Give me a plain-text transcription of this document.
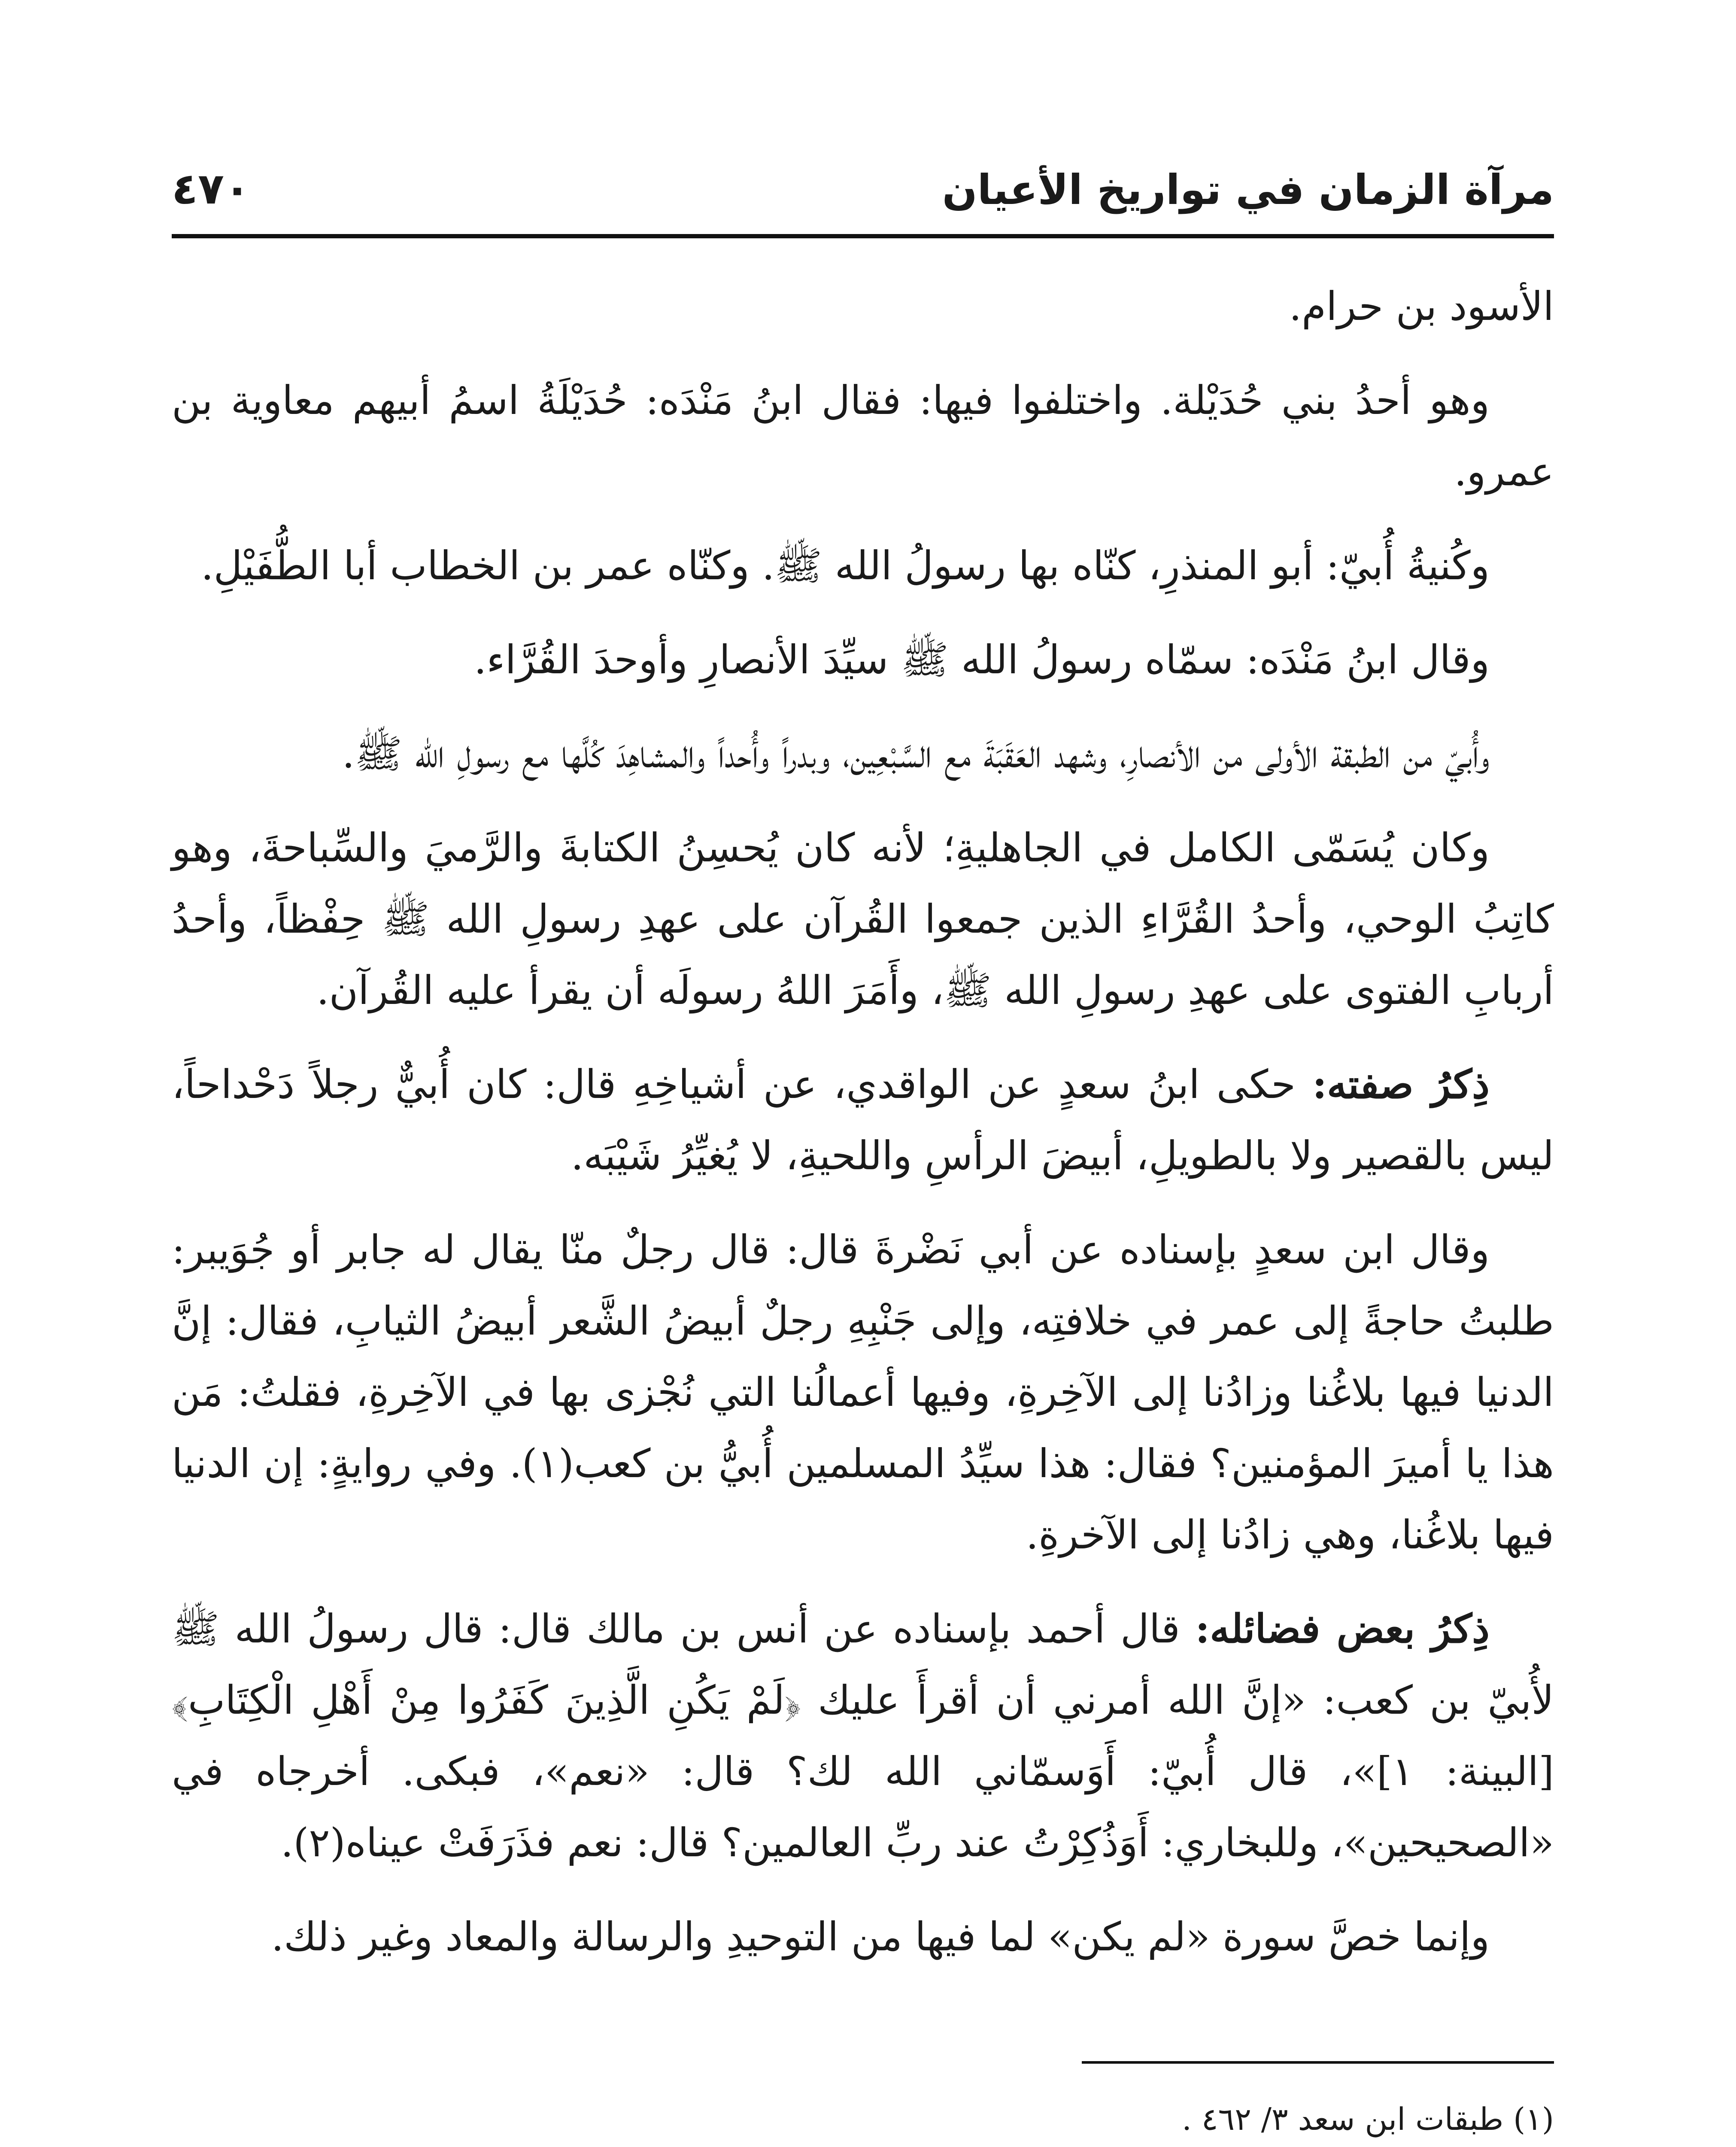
مرآة الزمان في تواريخ الأعيان
٤٧٠

الأسود بن حرام.

وهو أحدُ بني حُدَيْلة. واختلفوا فيها: فقال ابنُ مَنْدَه: حُدَيْلَةُ اسمُ أبيهم معاوية بن عمرو.

وكُنيةُ أُبيّ: أبو المنذرِ، كنّاه بها رسولُ الله ﷺ. وكنّاه عمر بن الخطاب أبا الطُّفَيْلِ.

وقال ابنُ مَنْدَه: سمّاه رسولُ الله ﷺ سيِّدَ الأنصارِ وأوحدَ القُرَّاء.

وأُبيّ من الطبقة الأولى من الأنصارِ، وشهد العَقَبَةَ مع السَّبْعِين، وبدراً وأُحداً والمشاهِدَ كُلَّها مع رسولِ الله ﷺ.

وكان يُسَمّى الكامل في الجاهليةِ؛ لأنه كان يُحسِنُ الكتابةَ والرَّميَ والسِّباحةَ، وهو كاتِبُ الوحي، وأحدُ القُرَّاءِ الذين جمعوا القُرآن على عهدِ رسولِ الله ﷺ حِفْظاً، وأحدُ أربابِ الفتوى على عهدِ رسولِ الله ﷺ، وأَمَرَ اللهُ رسولَه أن يقرأ عليه القُرآن.

ذِكرُ صفته: حكى ابنُ سعدٍ عن الواقدي، عن أشياخِهِ قال: كان أُبيٌّ رجلاً دَحْداحاً، ليس بالقصير ولا بالطويلِ، أبيضَ الرأسِ واللحيةِ، لا يُغيِّرُ شَيْبَه.

وقال ابن سعدٍ بإسناده عن أبي نَضْرةَ قال: قال رجلٌ منّا يقال له جابر أو جُوَيبر: طلبتُ حاجةً إلى عمر في خلافتِه، وإلى جَنْبِهِ رجلٌ أبيضُ الشَّعر أبيضُ الثيابِ، فقال: إنَّ الدنيا فيها بلاغُنا وزادُنا إلى الآخِرةِ، وفيها أعمالُنا التي نُجْزى بها في الآخِرةِ، فقلتُ: مَن هذا يا أميرَ المؤمنين؟ فقال: هذا سيِّدُ المسلمين أُبيُّ بن كعب(١). وفي روايةٍ: إن الدنيا فيها بلاغُنا، وهي زادُنا إلى الآخرةِ.

ذِكرُ بعض فضائله: قال أحمد بإسناده عن أنس بن مالك قال: قال رسولُ الله ﷺ لأُبيّ بن كعب: «إنَّ الله أمرني أن أقرأَ عليك ﴿لَمْ يَكُنِ الَّذِينَ كَفَرُوا مِنْ أَهْلِ الْكِتَابِ﴾[البينة: ١]»، قال أُبيّ: أَوَسمّاني الله لك؟ قال: «نعم»، فبكى. أخرجاه في «الصحيحين»، وللبخاري: أَوَذُكِرْتُ عند ربِّ العالمين؟ قال: نعم فذَرَفَتْ عيناه(٢).

وإنما خصَّ سورة «لم يكن» لما فيها من التوحيدِ والرسالة والمعاد وغير ذلك.

(١) طبقات ابن سعد ٣/ ٤٦٢ .
